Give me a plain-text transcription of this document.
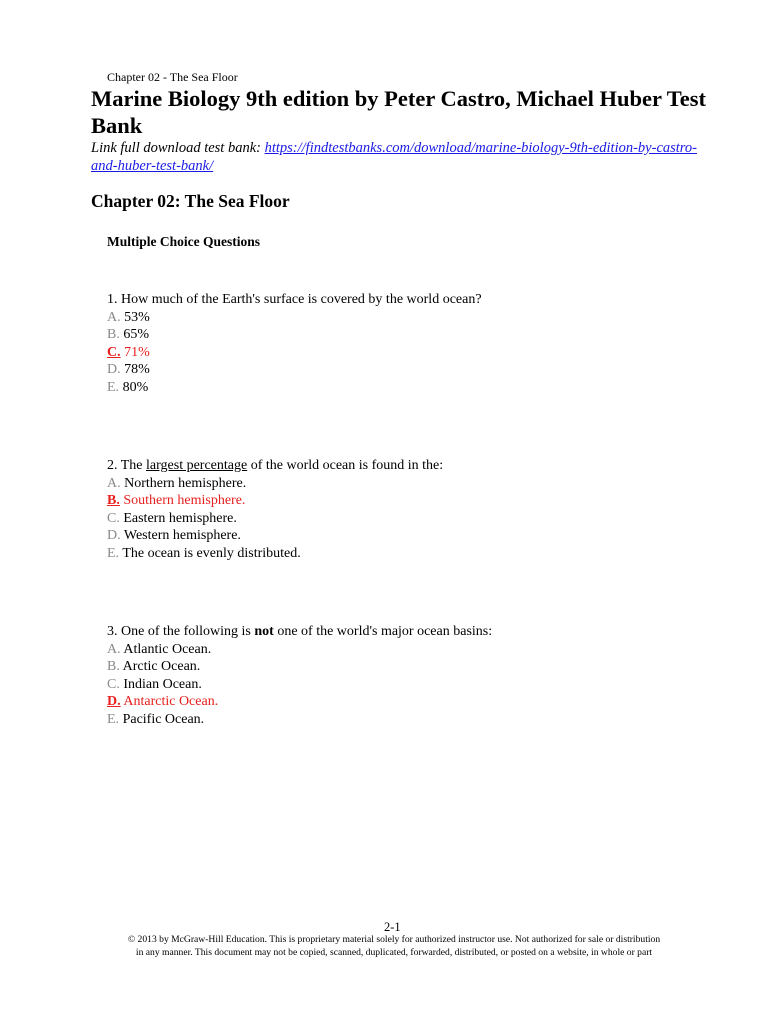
Chapter 02 - The Sea Floor
Marine Biology 9th edition by Peter Castro, Michael Huber Test Bank
Link full download test bank: https://findtestbanks.com/download/marine-biology-9th-edition-by-castro-and-huber-test-bank/
Chapter 02: The Sea Floor
Multiple Choice Questions
1. How much of the Earth's surface is covered by the world ocean?
A. 53%
B. 65%
C. 71%
D. 78%
E. 80%
2. The largest percentage of the world ocean is found in the:
A. Northern hemisphere.
B. Southern hemisphere.
C. Eastern hemisphere.
D. Western hemisphere.
E. The ocean is evenly distributed.
3. One of the following is not one of the world's major ocean basins:
A. Atlantic Ocean.
B. Arctic Ocean.
C. Indian Ocean.
D. Antarctic Ocean.
E. Pacific Ocean.
2-1
© 2013 by McGraw-Hill Education. This is proprietary material solely for authorized instructor use. Not authorized for sale or distribution
in any manner. This document may not be copied, scanned, duplicated, forwarded, distributed, or posted on a website, in whole or part
